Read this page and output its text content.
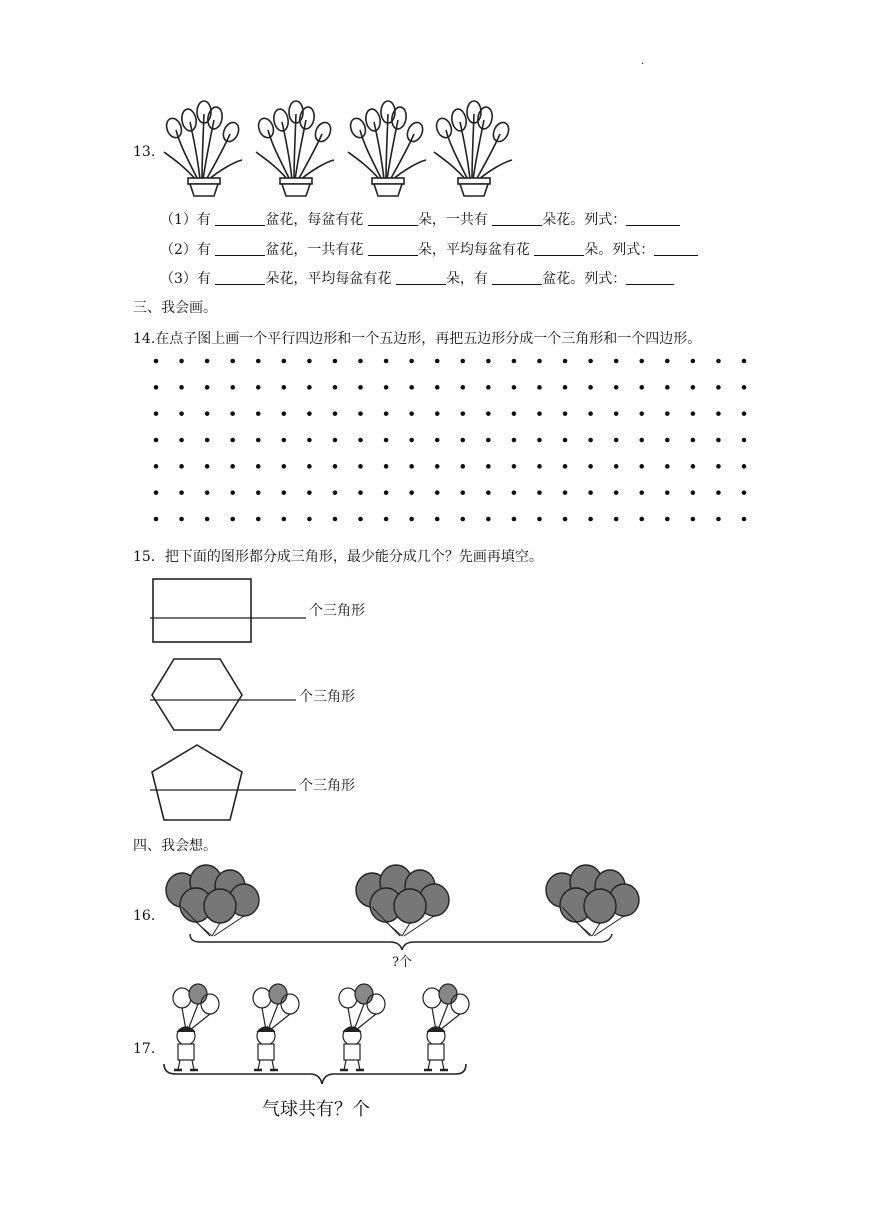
.
13.
（1）有	盆花，每盆有花	朵，一共有	朵花。列式：
（2）有	盆花，一共有花	朵，平均每盆有花	朵。列式：
（3）有	朵花，平均每盆有花	朵，有	盆花。列式：
三、我会画。
14.在点子图上画一个平行四边形和一个五边形，再把五边形分成一个三角形和一个四边形。
15．把下面的图形都分成三角形，最少能分成几个？先画再填空。
个三角形
个三角形
个三角形
四、我会想。
16.
?个
17.
气球共有？个
